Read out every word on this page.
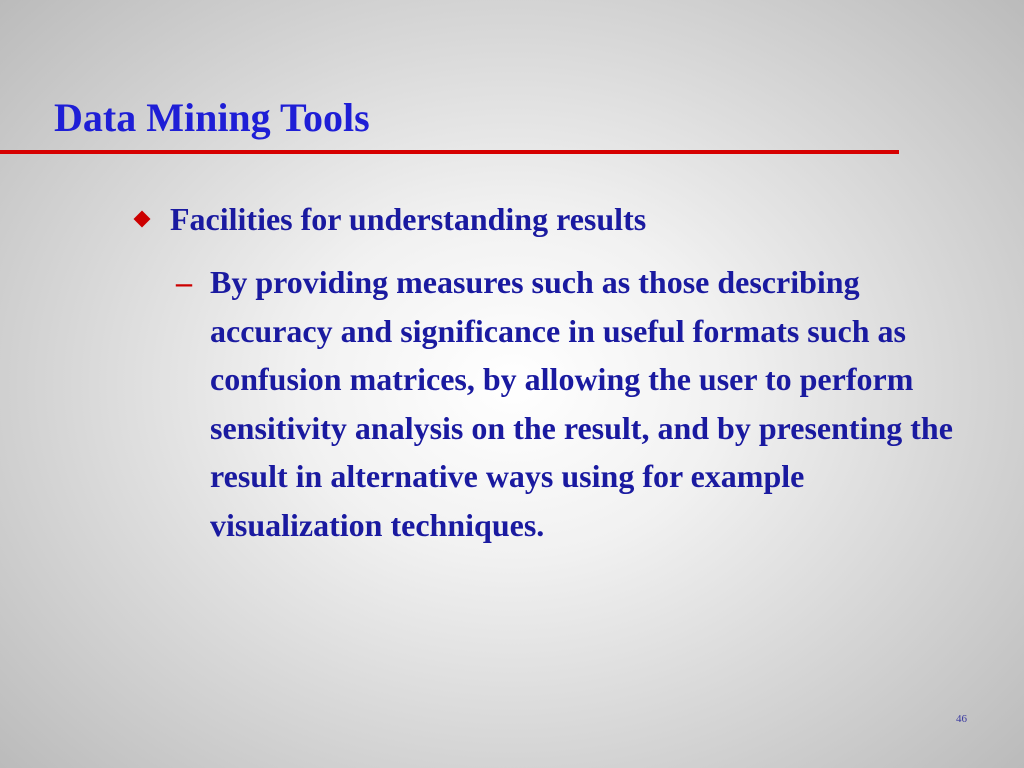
Data Mining Tools
Facilities for understanding results
– By providing measures such as those describing accuracy and significance in useful formats such as confusion matrices, by allowing the user to perform sensitivity analysis on the result, and by presenting the result in alternative ways using for example visualization techniques.
46
